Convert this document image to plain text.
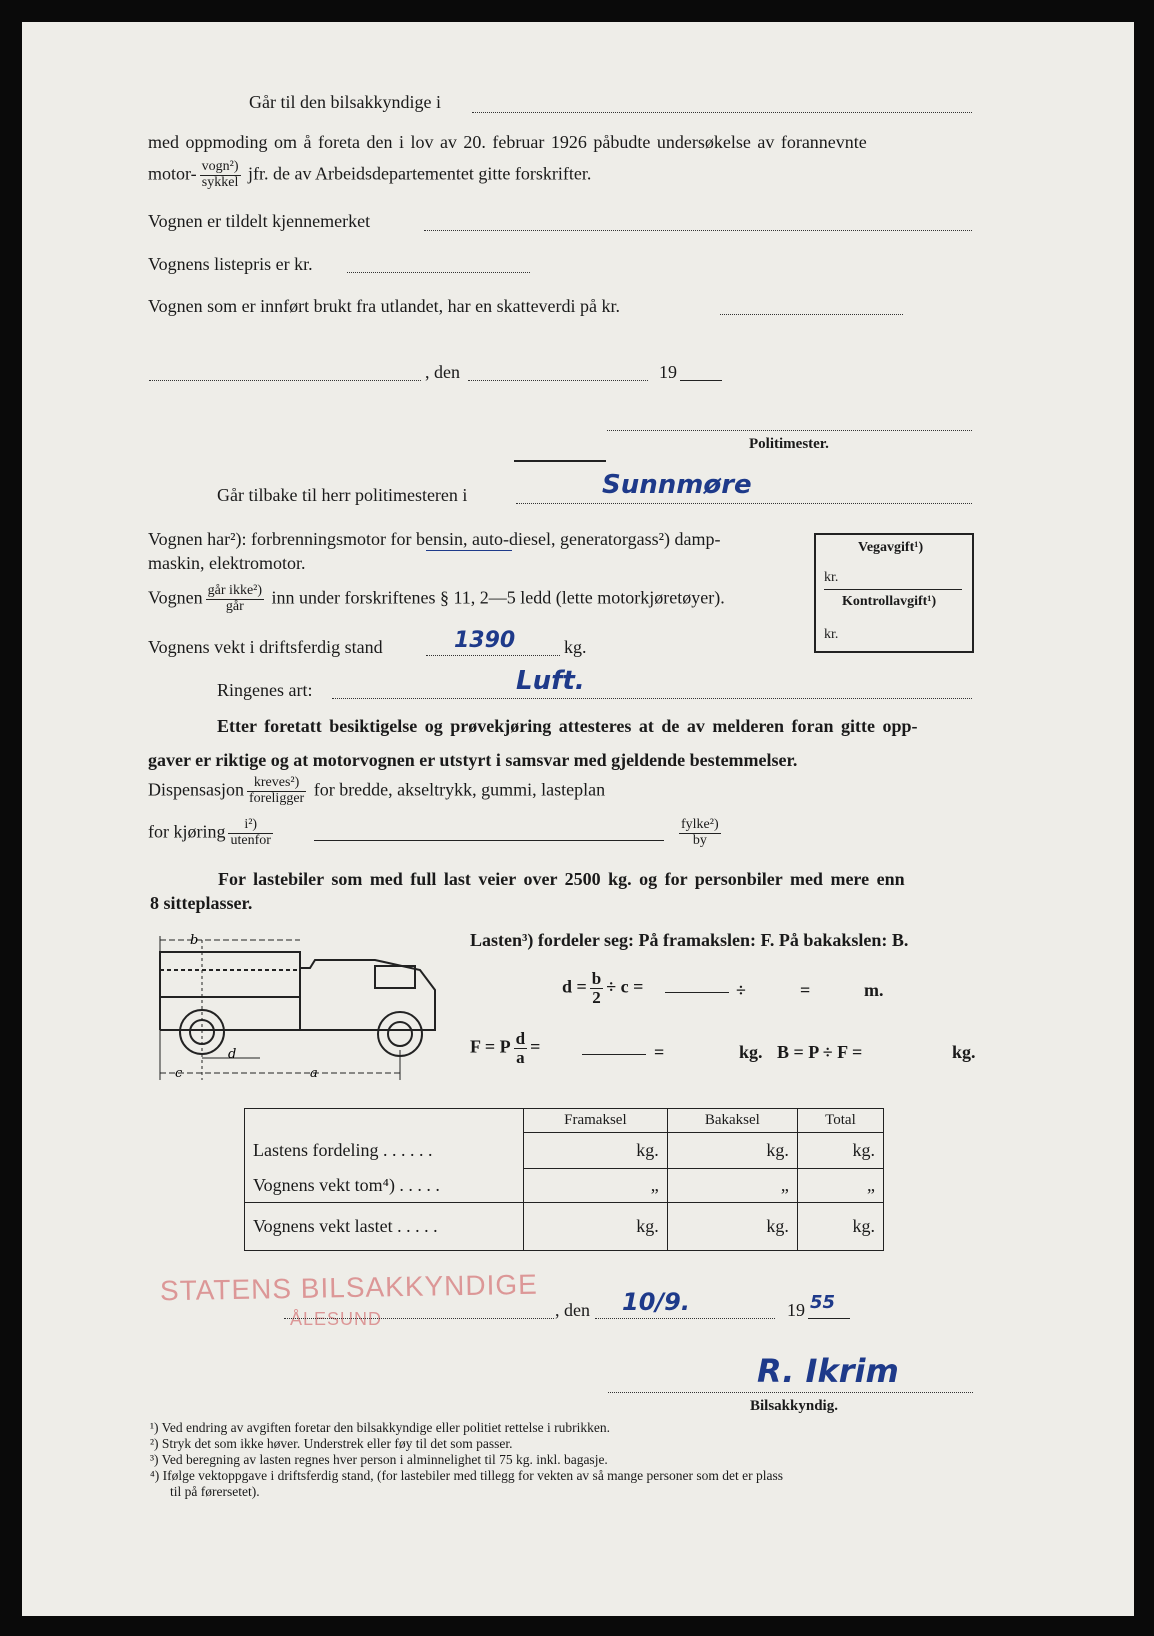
Går til den bilsakkyndige i
med oppmoding om å foreta den i lov av 20. februar 1926 påbudte undersøkelse av forannevnte
motor- $\frac{\text{vogn²)}}{\text{sykkel}}$ jfr. de av Arbeidsdepartementet gitte forskrifter.
Vognen er tildelt kjennemerket
Vognens listepris er kr.
Vognen som er innført brukt fra utlandet, har en skatteverdi på kr.
, den	19
Politimester.
Går tilbake til herr politimesteren i	Sunnmøre
Vognen har²): forbrenningsmotor for bensin, auto-diesel, generatorgass²) damp-
maskin, elektromotor.
Vegavgift¹)
kr.
Kontrollavgift¹)
kr.
Vognen $\frac{\text{går ikke²)}}{\text{går}}$ inn under forskriftenes § 11, 2—5 ledd (lette motorkjøretøyer).
Vognens vekt i driftsferdig stand	1390	kg.
Ringenes art:	Luft.
Etter foretatt besiktigelse og prøvekjøring attesteres at de av melderen foran gitte opp-
gaver er riktige og at motorvognen er utstyrt i samsvar med gjeldende bestemmelser.
Dispensasjon $\frac{\text{kreves²)}}{\text{foreligger}}$ for bredde, akseltrykk, gummi, lasteplan
for kjøring $\frac{\text{i²)}}{\text{utenfor}}$	$\frac{\text{fylke²)}}{by}$
For lastebiler som med full last veier over 2500 kg. og for personbiler med mere enn
8 sitteplasser.
b
d
a
c
Lasten³) fordeler seg: På framakslen: F. På bakakslen: B.
$d = \frac{b}{2} \div c$ =	÷	=	m.
F = P $\frac{d}{a}$ =	=	kg. B = P ÷ F =	kg.
	Framaksel	Bakaksel	Total
Lastens fordeling . . . . . .	kg.	kg.	kg.
Vognens vekt tom⁴) . . . . .	„	„	„
Vognens vekt lastet . . . . .	kg.	kg.	kg.
STATENS BILSAKKYNDIGE
ÅLESUND	, den 10/9.	19 55
R. Ikrim
Bilsakkyndig.
¹) Ved endring av avgiften foretar den bilsakkyndige eller politiet rettelse i rubrikken.
²) Stryk det som ikke høver. Understrek eller føy til det som passer.
³) Ved beregning av lasten regnes hver person i alminnelighet til 75 kg. inkl. bagasje.
⁴) Ifølge vektoppgave i driftsferdig stand, (for lastebiler med tillegg for vekten av så mange personer som det er plass
til på førersetet).
